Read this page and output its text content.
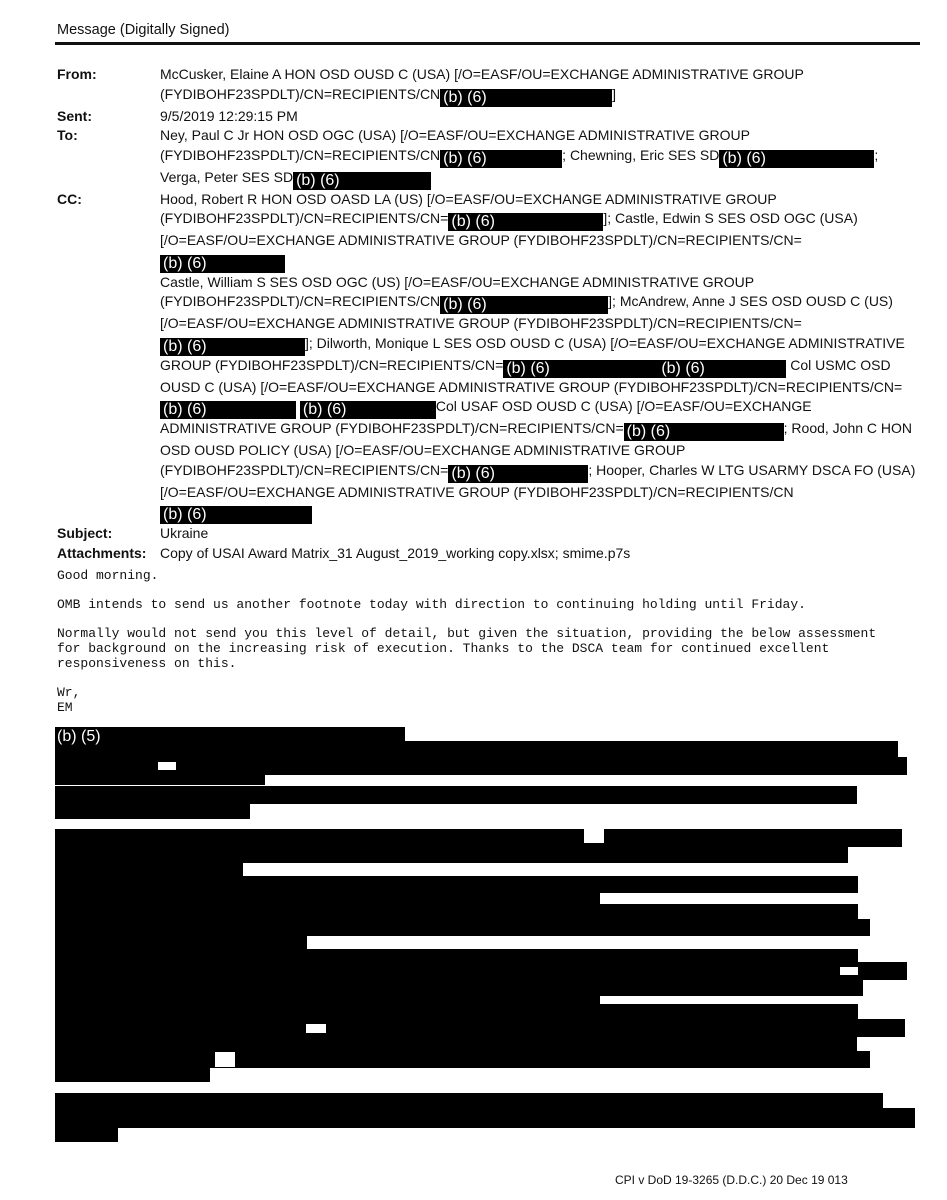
Message (Digitally Signed)
From:	McCusker, Elaine A HON OSD OUSD C (USA) [/O=EASF/OU=EXCHANGE ADMINISTRATIVE GROUP (FYDIBOHF23SPDLT)/CN=RECIPIENTS/CN (b) (6)	]
Sent:	9/5/2019 12:29:15 PM
To:	Ney, Paul C Jr HON OSD OGC (USA) [/O=EASF/OU=EXCHANGE ADMINISTRATIVE GROUP (FYDIBOHF23SPDLT)/CN=RECIPIENTS/CN (b) (6)	; Chewning, Eric SES SD (b) (6)	; Verga, Peter SES SD (b) (6)
CC:	Hood, Robert R HON OSD OASD LA (US) [/O=EASF/OU=EXCHANGE ADMINISTRATIVE GROUP (FYDIBOHF23SPDLT)/CN=RECIPIENTS/CN= (b) (6)	]; Castle, Edwin S SES OSD OGC (USA) [/O=EASF/OU=EXCHANGE ADMINISTRATIVE GROUP (FYDIBOHF23SPDLT)/CN=RECIPIENTS/CN=(b) (6)
Castle, William S SES OSD OGC (US) [/O=EASF/OU=EXCHANGE ADMINISTRATIVE GROUP (FYDIBOHF23SPDLT)/CN=RECIPIENTS/CN (b) (6)	]; McAndrew, Anne J SES OSD OUSD C (US) [/O=EASF/OU=EXCHANGE ADMINISTRATIVE GROUP (FYDIBOHF23SPDLT)/CN=RECIPIENTS/CN=(b) (6)	]; Dilworth, Monique L SES OSD OUSD C (USA) [/O=EASF/OU=EXCHANGE ADMINISTRATIVE GROUP (FYDIBOHF23SPDLT)/CN=RECIPIENTS/CN= (b) (6)	(b) (6)	Col USMC OSD OUSD C (USA) [/O=EASF/OU=EXCHANGE ADMINISTRATIVE GROUP (FYDIBOHF23SPDLT)/CN=RECIPIENTS/CN=(b) (6)	(b) (6)	Col USAF OSD OUSD C (USA) [/O=EASF/OU=EXCHANGE ADMINISTRATIVE GROUP (FYDIBOHF23SPDLT)/CN=RECIPIENTS/CN= (b) (6)	; Rood, John C HON OSD OUSD POLICY (USA) [/O=EASF/OU=EXCHANGE ADMINISTRATIVE GROUP (FYDIBOHF23SPDLT)/CN=RECIPIENTS/CN= (b) (6)	; Hooper, Charles W LTG USARMY DSCA FO (USA) [/O=EASF/OU=EXCHANGE ADMINISTRATIVE GROUP (FYDIBOHF23SPDLT)/CN=RECIPIENTS/CN(b) (6)
Subject:	Ukraine
Attachments: Copy of USAI Award Matrix_31 August_2019_working copy.xlsx; smime.p7s

Good morning.

OMB intends to send us another footnote today with direction to continuing holding until Friday.

Normally would not send you this level of detail, but given the situation, providing the below assessment
for background on the increasing risk of execution. Thanks to the DSCA team for continued excellent
responsiveness on this.

Wr,
EM

(b) (5)
CPI v DoD 19-3265 (D.D.C.) 20 Dec 19 013
